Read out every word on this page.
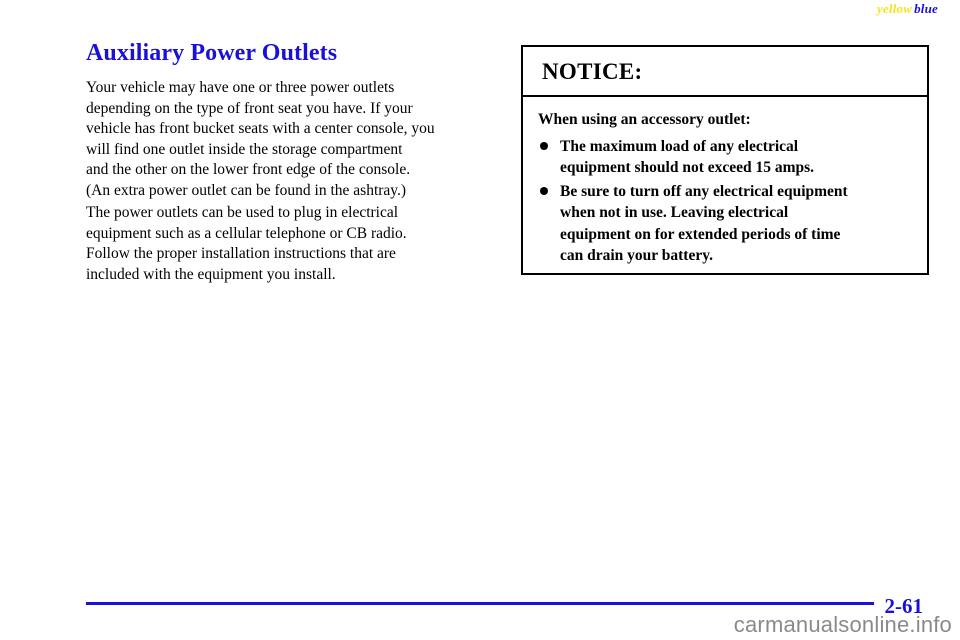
yellow blue
Auxiliary Power Outlets

Your vehicle may have one or three power outlets
depending on the type of front seat you have. If your
vehicle has front bucket seats with a center console, you
will find one outlet inside the storage compartment
and the other on the lower front edge of the console.
(An extra power outlet can be found in the ashtray.)

The power outlets can be used to plug in electrical
equipment such as a cellular telephone or CB radio.
Follow the proper installation instructions that are
included with the equipment you install.

NOTICE:
When using an accessory outlet:
The maximum load of any electrical
equipment should not exceed 15 amps.
Be sure to turn off any electrical equipment
when not in use. Leaving electrical
equipment on for extended periods of time
can drain your battery.
2-61
carmanualsonline.info
